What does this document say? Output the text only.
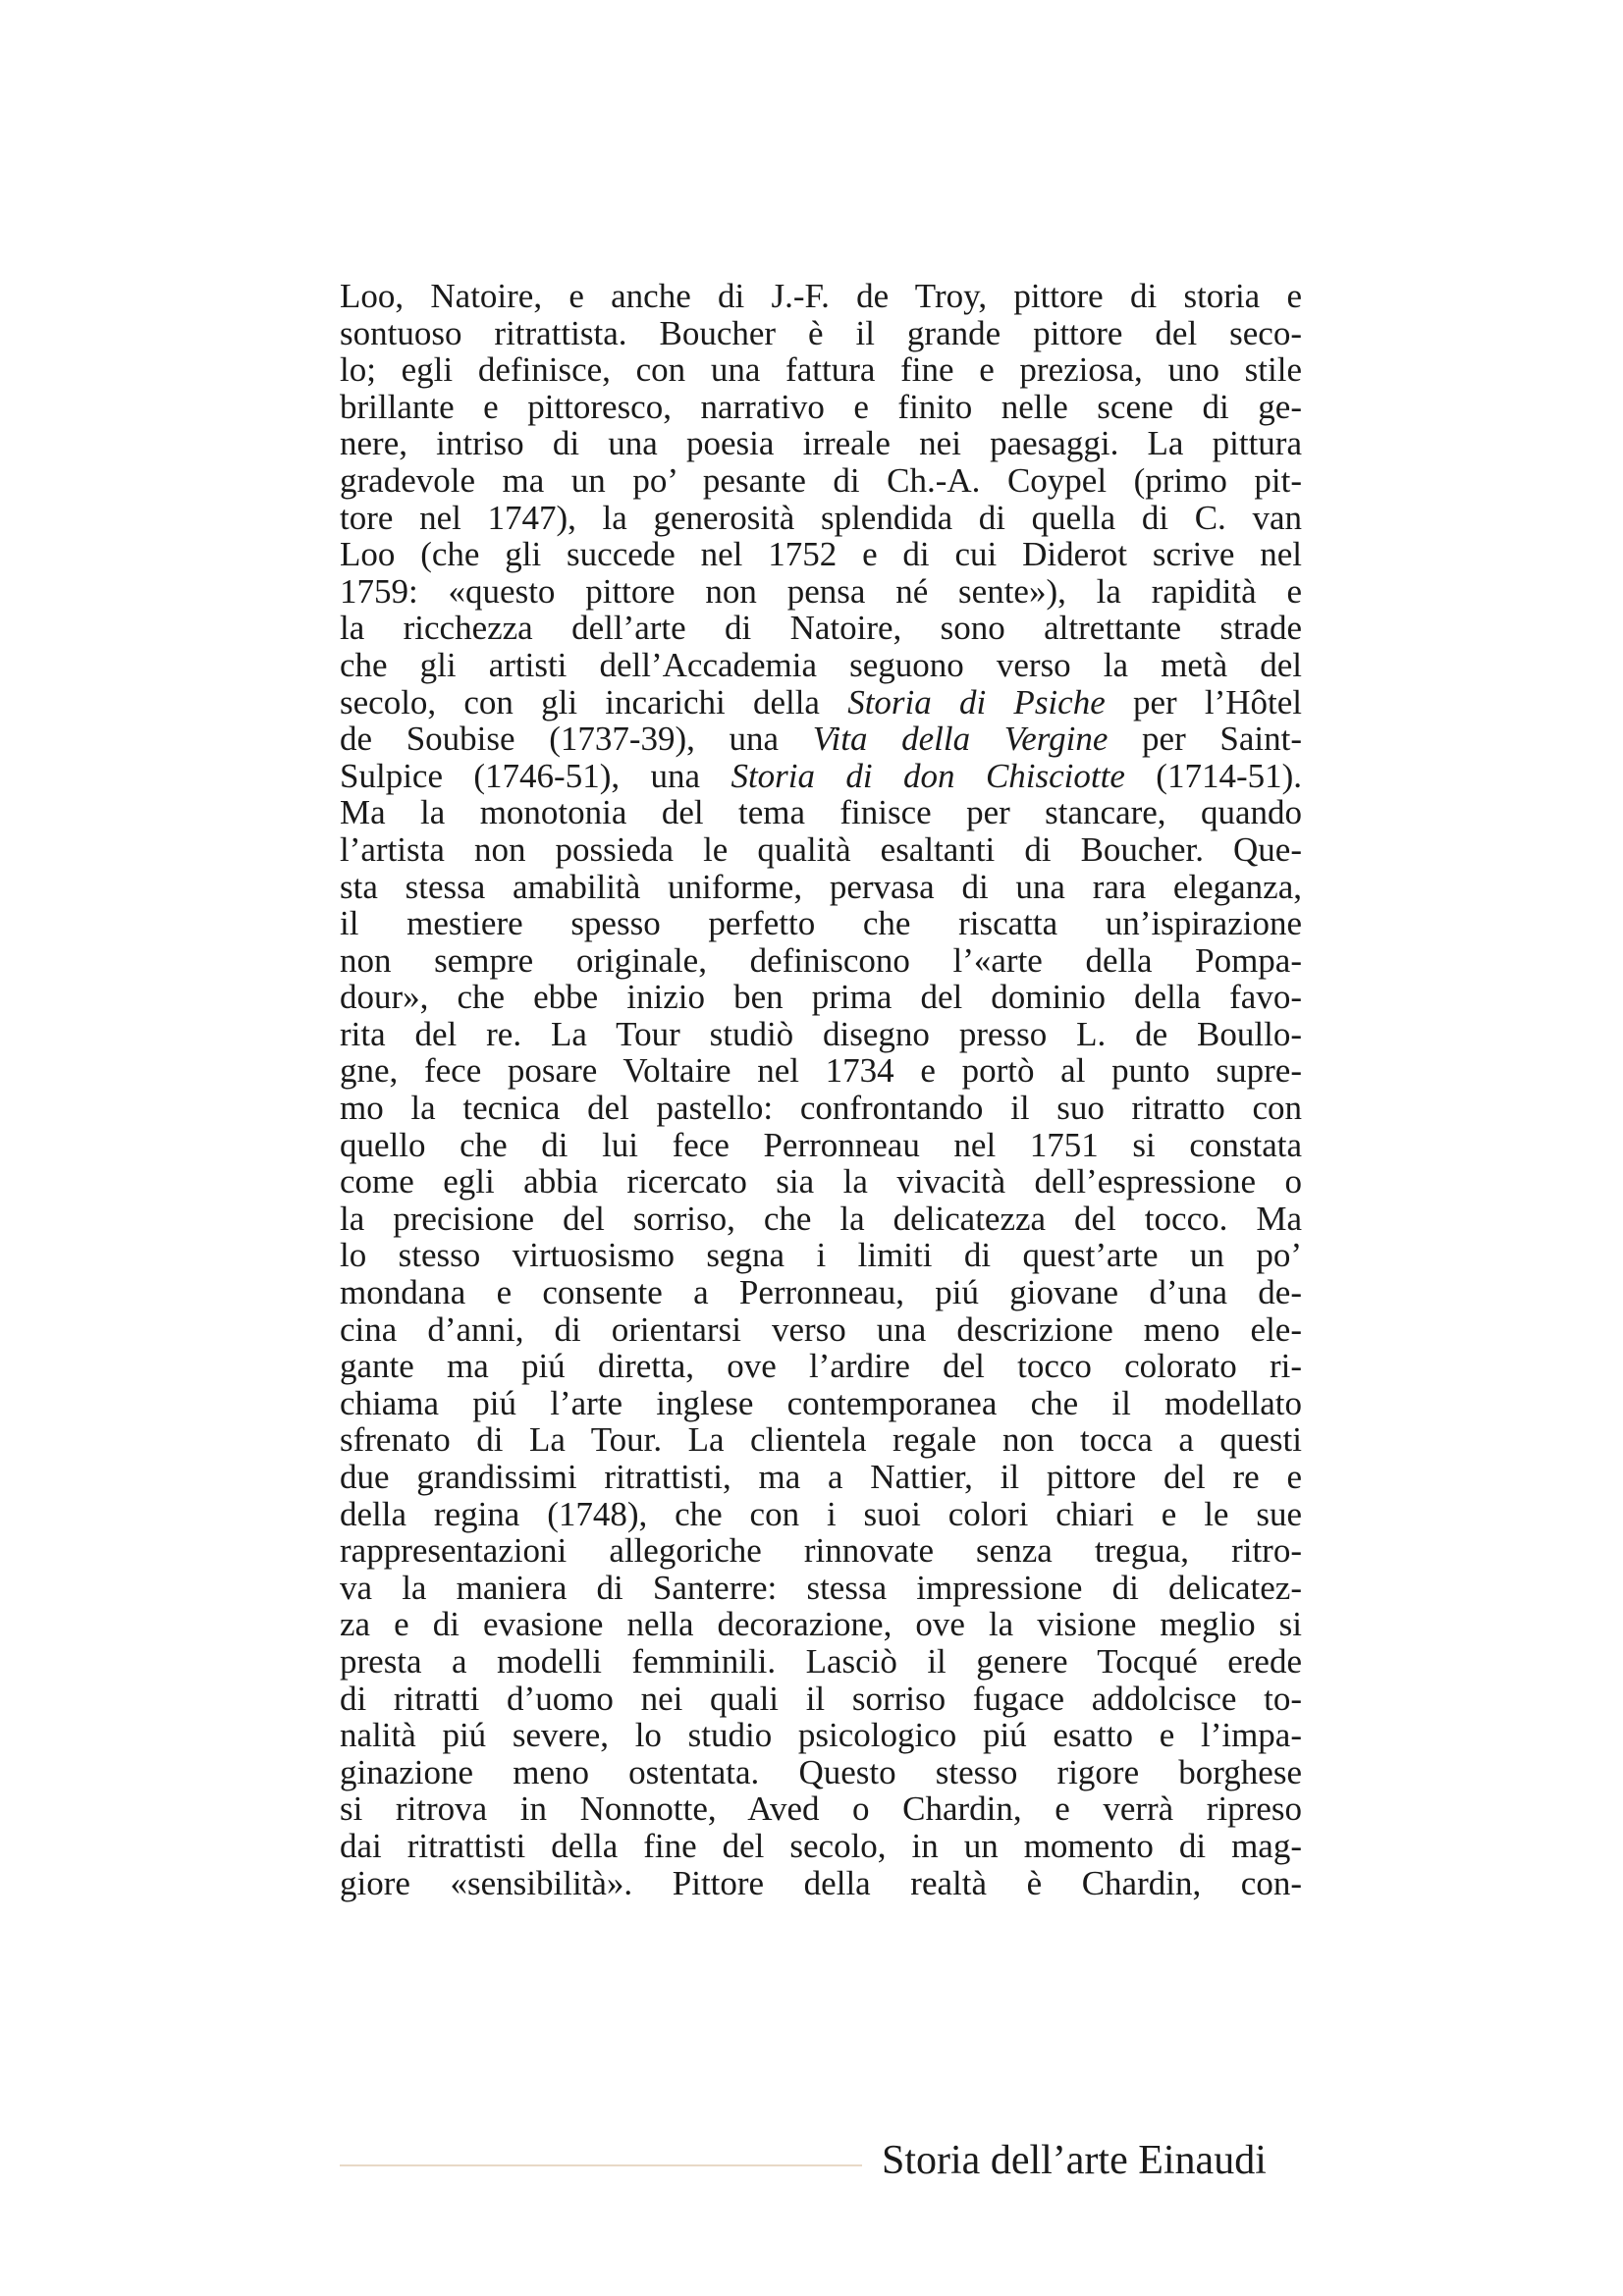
Loo, Natoire, e anche di J.-F. de Troy, pittore di storia e
sontuoso ritrattista. Boucher è il grande pittore del seco-
lo; egli definisce, con una fattura fine e preziosa, uno stile
brillante e pittoresco, narrativo e finito nelle scene di ge-
nere, intriso di una poesia irreale nei paesaggi. La pittura
gradevole ma un po’ pesante di Ch.-A. Coypel (primo pit-
tore nel 1747), la generosità splendida di quella di C. van
Loo (che gli succede nel 1752 e di cui Diderot scrive nel
1759: «questo pittore non pensa né sente»), la rapidità e
la ricchezza dell’arte di Natoire, sono altrettante strade
che gli artisti dell’Accademia seguono verso la metà del
secolo, con gli incarichi della Storia di Psiche per l’Hôtel
de Soubise (1737-39), una Vita della Vergine per Saint-
Sulpice (1746-51), una Storia di don Chisciotte (1714-51).
Ma la monotonia del tema finisce per stancare, quando
l’artista non possieda le qualità esaltanti di Boucher. Que-
sta stessa amabilità uniforme, pervasa di una rara eleganza,
il mestiere spesso perfetto che riscatta un’ispirazione
non sempre originale, definiscono l’«arte della Pompa-
dour», che ebbe inizio ben prima del dominio della favo-
rita del re. La Tour studiò disegno presso L. de Boullo-
gne, fece posare Voltaire nel 1734 e portò al punto supre-
mo la tecnica del pastello: confrontando il suo ritratto con
quello che di lui fece Perronneau nel 1751 si constata
come egli abbia ricercato sia la vivacità dell’espressione o
la precisione del sorriso, che la delicatezza del tocco. Ma
lo stesso virtuosismo segna i limiti di quest’arte un po’
mondana e consente a Perronneau, piú giovane d’una de-
cina d’anni, di orientarsi verso una descrizione meno ele-
gante ma piú diretta, ove l’ardire del tocco colorato ri-
chiama piú l’arte inglese contemporanea che il modellato
sfrenato di La Tour. La clientela regale non tocca a questi
due grandissimi ritrattisti, ma a Nattier, il pittore del re e
della regina (1748), che con i suoi colori chiari e le sue
rappresentazioni allegoriche rinnovate senza tregua, ritro-
va la maniera di Santerre: stessa impressione di delicatez-
za e di evasione nella decorazione, ove la visione meglio si
presta a modelli femminili. Lasciò il genere Tocqué erede
di ritratti d’uomo nei quali il sorriso fugace addolcisce to-
nalità piú severe, lo studio psicologico piú esatto e l’impa-
ginazione meno ostentata. Questo stesso rigore borghese
si ritrova in Nonnotte, Aved o Chardin, e verrà ripreso
dai ritrattisti della fine del secolo, in un momento di mag-
giore «sensibilità». Pittore della realtà è Chardin, con-
Storia dell’arte Einaudi
